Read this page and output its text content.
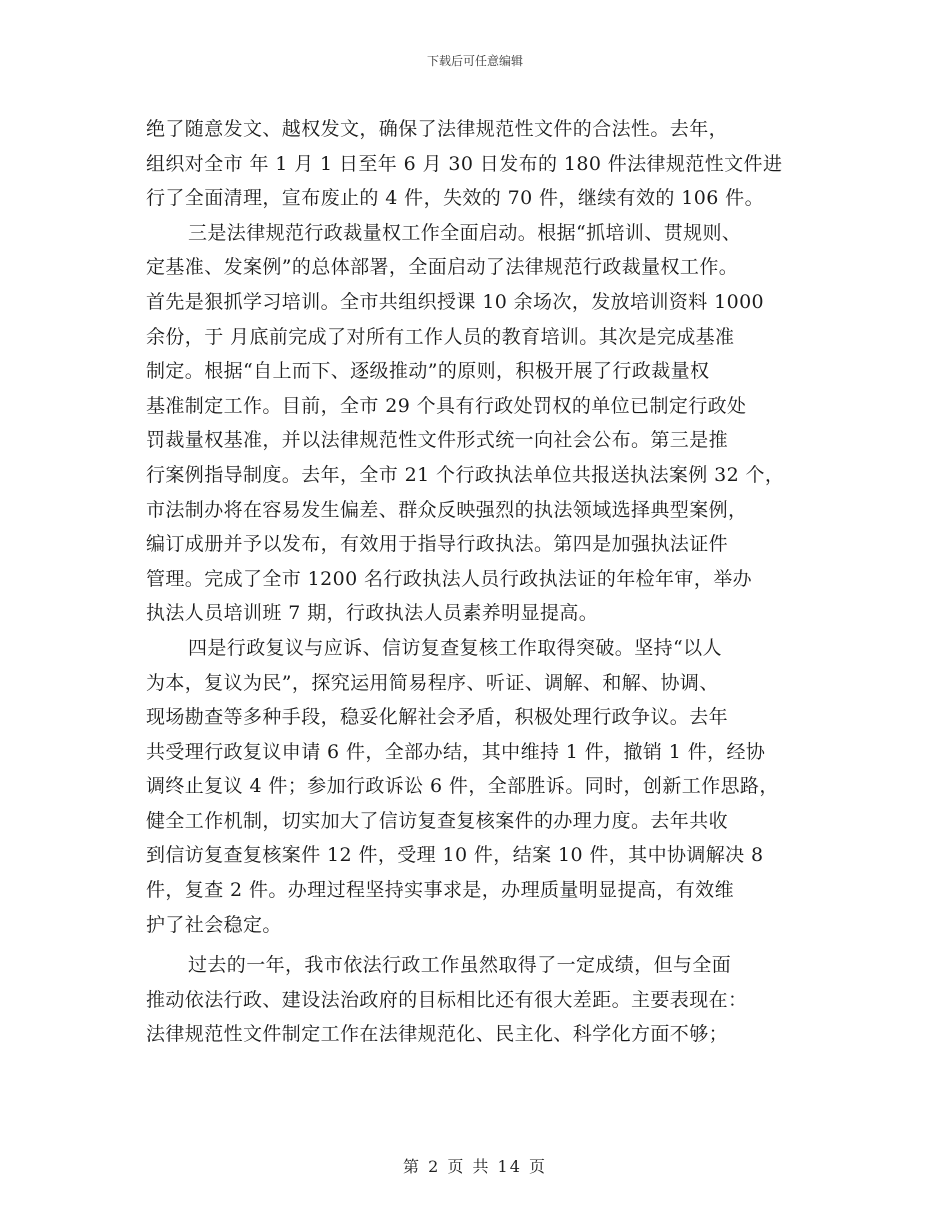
下载后可任意编辑
绝了随意发文、越权发文，确保了法律规范性文件的合法性。去年，
组织对全市 年 1 月 1 日至年 6 月 30 日发布的 180 件法律规范性文件进
行了全面清理，宣布废止的 4 件，失效的 70 件，继续有效的 106 件。
三是法律规范行政裁量权工作全面启动。根据“抓培训、贯规则、
定基准、发案例”的总体部署，全面启动了法律规范行政裁量权工作。
首先是狠抓学习培训。全市共组织授课 10 余场次，发放培训资料 1000
余份，于 月底前完成了对所有工作人员的教育培训。其次是完成基准
制定。根据“自上而下、逐级推动”的原则，积极开展了行政裁量权
基准制定工作。目前，全市 29 个具有行政处罚权的单位已制定行政处
罚裁量权基准，并以法律规范性文件形式统一向社会公布。第三是推
行案例指导制度。去年，全市 21 个行政执法单位共报送执法案例 32 个，
市法制办将在容易发生偏差、群众反映强烈的执法领域选择典型案例，
编订成册并予以发布，有效用于指导行政执法。第四是加强执法证件
管理。完成了全市 1200 名行政执法人员行政执法证的年检年审，举办
执法人员培训班 7 期，行政执法人员素养明显提高。
四是行政复议与应诉、信访复查复核工作取得突破。坚持“以人
为本，复议为民”，探究运用简易程序、听证、调解、和解、协调、
现场勘查等多种手段，稳妥化解社会矛盾，积极处理行政争议。去年
共受理行政复议申请 6 件，全部办结，其中维持 1 件，撤销 1 件，经协
调终止复议 4 件；参加行政诉讼 6 件，全部胜诉。同时，创新工作思路，
健全工作机制，切实加大了信访复查复核案件的办理力度。去年共收
到信访复查复核案件 12 件，受理 10 件，结案 10 件，其中协调解决 8
件，复查 2 件。办理过程坚持实事求是，办理质量明显提高，有效维
护了社会稳定。
过去的一年，我市依法行政工作虽然取得了一定成绩，但与全面
推动依法行政、建设法治政府的目标相比还有很大差距。主要表现在：
法律规范性文件制定工作在法律规范化、民主化、科学化方面不够；
第 2 页 共 14 页
